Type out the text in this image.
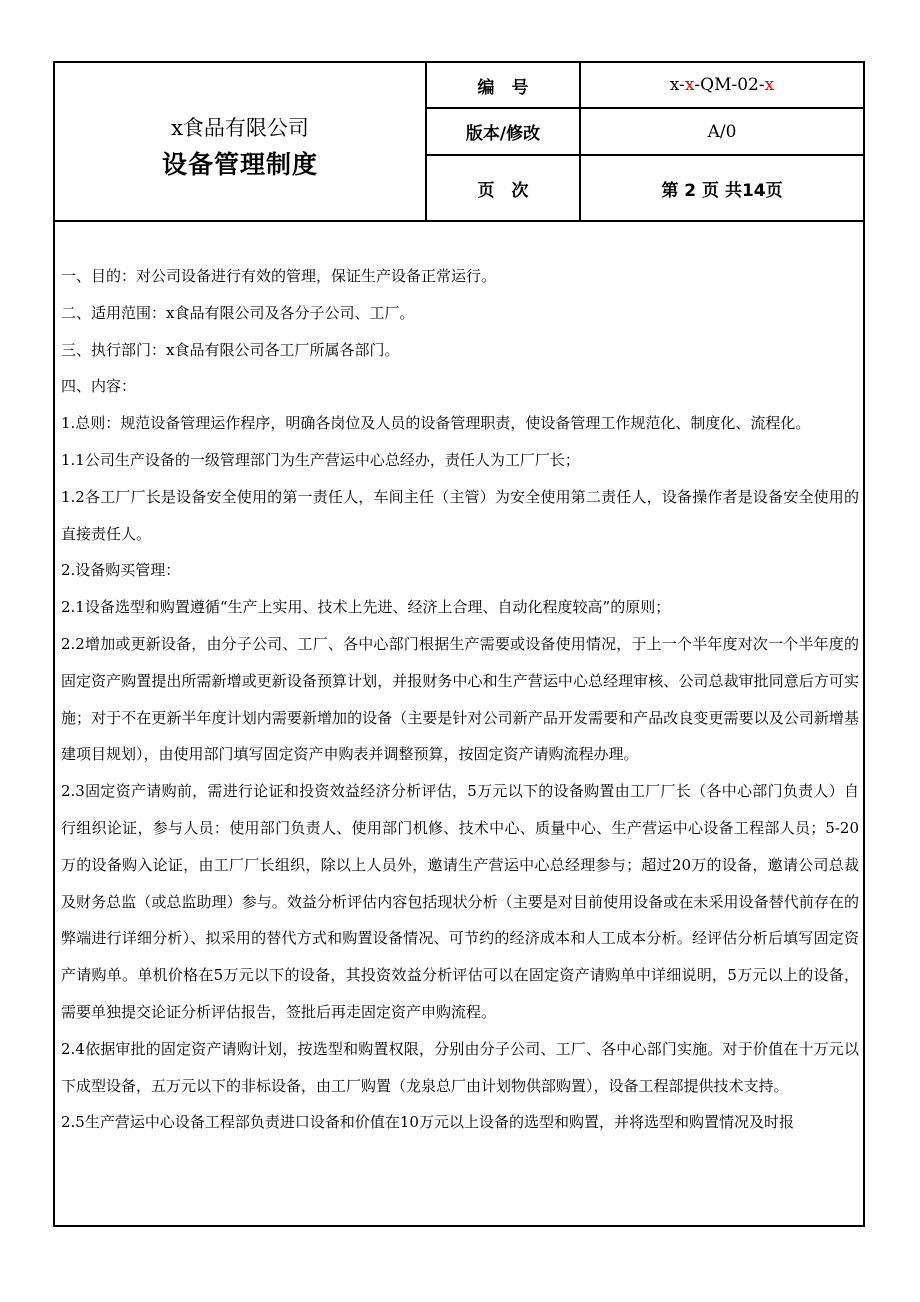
x食品有限公司
设备管理制度
编　号	x- x -QM-02- x
版本/修改	A/0
页　次	第 2 页 共14页

一、目的：对公司设备进行有效的管理，保证生产设备正常运行。

二、适用范围：x食品有限公司及各分子公司、工厂。

三、执行部门：x食品有限公司各工厂所属各部门。

四、内容：

1.总则：规范设备管理运作程序，明确各岗位及人员的设备管理职责，使设备管理工作规范化、制度化、流程化。

1.1公司生产设备的一级管理部门为生产营运中心总经办，责任人为工厂厂长；

1.2各工厂厂长是设备安全使用的第一责任人，车间主任（主管）为安全使用第二责任人，设备操作者是设备安全使用的直接责任人。

2.设备购买管理：

2.1设备选型和购置遵循“生产上实用、技术上先进、经济上合理、自动化程度较高”的原则；

2.2增加或更新设备，由分子公司、工厂、各中心部门根据生产需要或设备使用情况，于上一个半年度对次一个半年度的固定资产购置提出所需新增或更新设备预算计划，并报财务中心和生产营运中心总经理审核、公司总裁审批同意后方可实施；对于不在更新半年度计划内需要新增加的设备（主要是针对公司新产品开发需要和产品改良变更需要以及公司新增基建项目规划），由使用部门填写固定资产申购表并调整预算，按固定资产请购流程办理。

2.3固定资产请购前，需进行论证和投资效益经济分析评估，5万元以下的设备购置由工厂厂长（各中心部门负责人）自行组织论证，参与人员：使用部门负责人、使用部门机修、技术中心、质量中心、生产营运中心设备工程部人员；5-20万的设备购入论证，由工厂厂长组织，除以上人员外，邀请生产营运中心总经理参与；超过20万的设备，邀请公司总裁及财务总监（或总监助理）参与。效益分析评估内容包括现状分析（主要是对目前使用设备或在未采用设备替代前存在的弊端进行详细分析）、拟采用的替代方式和购置设备情况、可节约的经济成本和人工成本分析。经评估分析后填写固定资产请购单。单机价格在5万元以下的设备，其投资效益分析评估可以在固定资产请购单中详细说明，5万元以上的设备，需要单独提交论证分析评估报告，签批后再走固定资产申购流程。

2.4依据审批的固定资产请购计划，按选型和购置权限，分别由分子公司、工厂、各中心部门实施。对于价值在十万元以下成型设备，五万元以下的非标设备，由工厂购置（龙泉总厂由计划物供部购置），设备工程部提供技术支持。

2.5生产营运中心设备工程部负责进口设备和价值在10万元以上设备的选型和购置，并将选型和购置情况及时报
